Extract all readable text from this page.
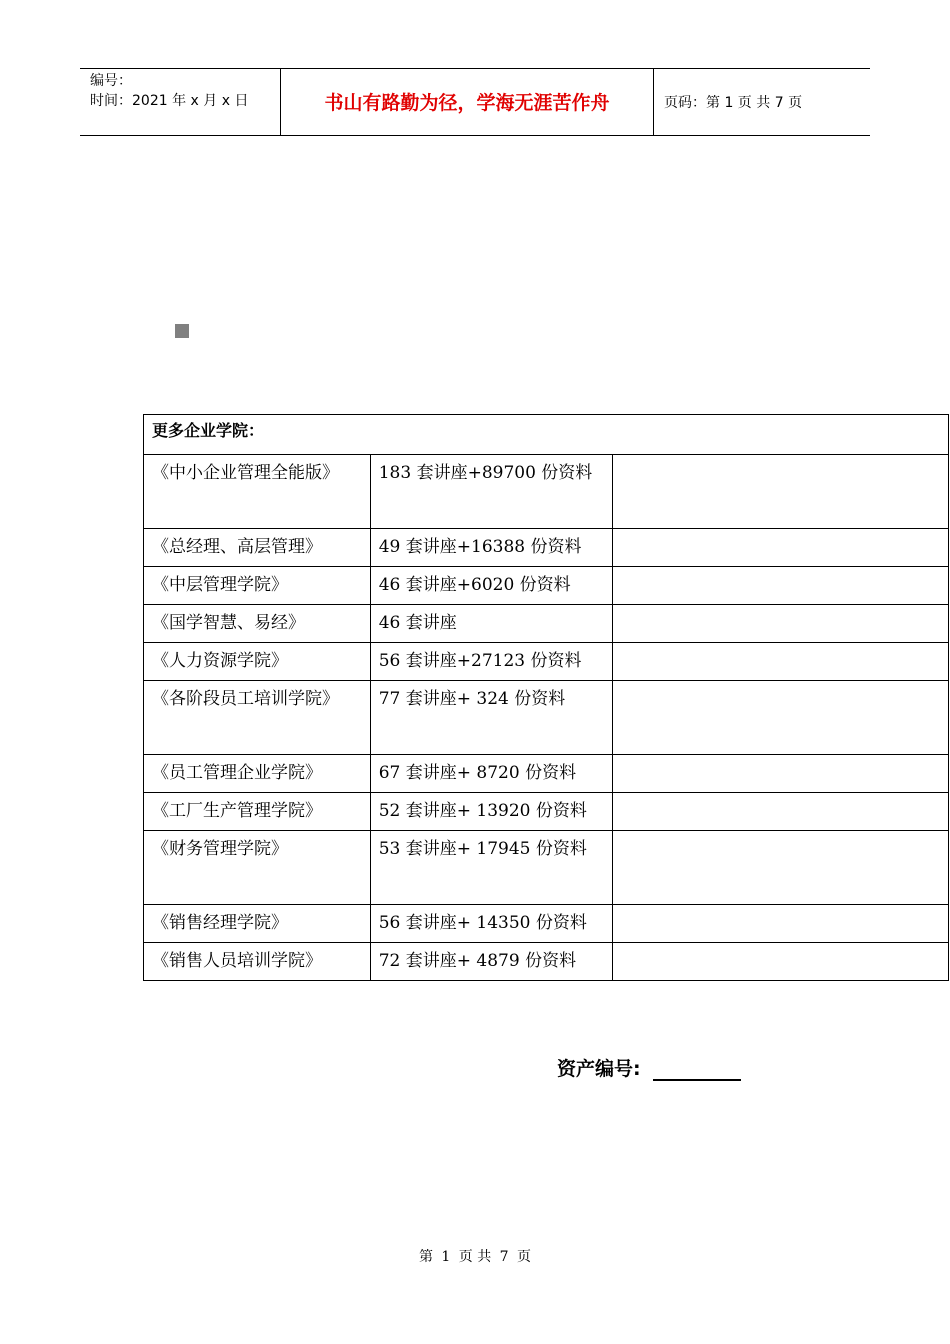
编号：
时间：2021 年 x 月 x 日	书山有路勤为径，学海无涯苦作舟	页码：第 1 页 共 7 页
更多企业学院：		
《中小企业管理全能版》	183 套讲座+89700 份资料	
《总经理、高层管理》	49 套讲座+16388 份资料	
《中层管理学院》	46 套讲座+6020 份资料	
《国学智慧、易经》	46 套讲座	
《人力资源学院》	56 套讲座+27123 份资料	
《各阶段员工培训学院》	77 套讲座+ 324 份资料	
《员工管理企业学院》	67 套讲座+ 8720 份资料	
《工厂生产管理学院》	52 套讲座+ 13920 份资料	
《财务管理学院》	53 套讲座+ 17945 份资料	
《销售经理学院》	56 套讲座+ 14350 份资料	
《销售人员培训学院》	72 套讲座+ 4879 份资料	
资产编号:
第 1 页 共 7 页
